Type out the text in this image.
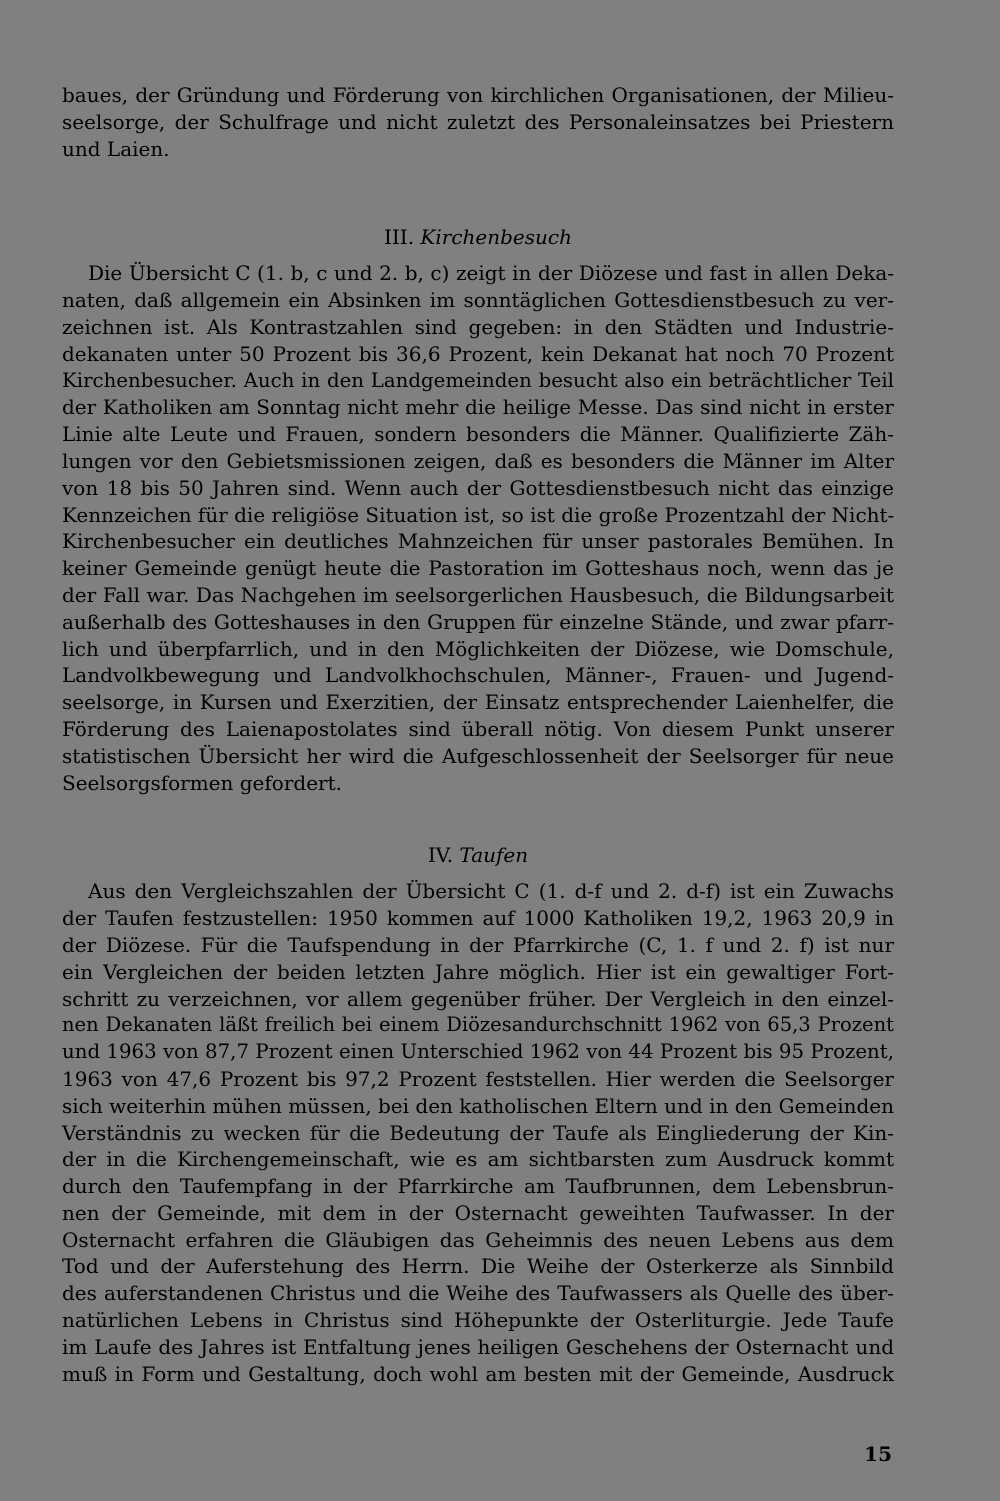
baues, der Gründung und Förderung von kirchlichen Organisationen, der Milieu-
seelsorge, der Schulfrage und nicht zuletzt des Personaleinsatzes bei Priestern
und Laien.

III. Kirchenbesuch

Die Übersicht C (1. b, c und 2. b, c) zeigt in der Diözese und fast in allen Deka-
naten, daß allgemein ein Absinken im sonntäglichen Gottesdienstbesuch zu ver-
zeichnen ist. Als Kontrastzahlen sind gegeben: in den Städten und Industrie-
dekanaten unter 50 Prozent bis 36,6 Prozent, kein Dekanat hat noch 70 Prozent
Kirchenbesucher. Auch in den Landgemeinden besucht also ein beträchtlicher Teil
der Katholiken am Sonntag nicht mehr die heilige Messe. Das sind nicht in erster
Linie alte Leute und Frauen, sondern besonders die Männer. Qualifizierte Zäh-
lungen vor den Gebietsmissionen zeigen, daß es besonders die Männer im Alter
von 18 bis 50 Jahren sind. Wenn auch der Gottesdienstbesuch nicht das einzige
Kennzeichen für die religiöse Situation ist, so ist die große Prozentzahl der Nicht-
Kirchenbesucher ein deutliches Mahnzeichen für unser pastorales Bemühen. In
keiner Gemeinde genügt heute die Pastoration im Gotteshaus noch, wenn das je
der Fall war. Das Nachgehen im seelsorgerlichen Hausbesuch, die Bildungsarbeit
außerhalb des Gotteshauses in den Gruppen für einzelne Stände, und zwar pfarr-
lich und überpfarrlich, und in den Möglichkeiten der Diözese, wie Domschule,
Landvolkbewegung und Landvolkhochschulen, Männer-, Frauen- und Jugend-
seelsorge, in Kursen und Exerzitien, der Einsatz entsprechender Laienhelfer, die
Förderung des Laienapostolates sind überall nötig. Von diesem Punkt unserer
statistischen Übersicht her wird die Aufgeschlossenheit der Seelsorger für neue
Seelsorgsformen gefordert.

IV. Taufen

Aus den Vergleichszahlen der Übersicht C (1. d-f und 2. d-f) ist ein Zuwachs
der Taufen festzustellen: 1950 kommen auf 1000 Katholiken 19,2, 1963 20,9 in
der Diözese. Für die Taufspendung in der Pfarrkirche (C, 1. f und 2. f) ist nur
ein Vergleichen der beiden letzten Jahre möglich. Hier ist ein gewaltiger Fort-
schritt zu verzeichnen, vor allem gegenüber früher. Der Vergleich in den einzel-
nen Dekanaten läßt freilich bei einem Diözesandurchschnitt 1962 von 65,3 Prozent
und 1963 von 87,7 Prozent einen Unterschied 1962 von 44 Prozent bis 95 Prozent,
1963 von 47,6 Prozent bis 97,2 Prozent feststellen. Hier werden die Seelsorger
sich weiterhin mühen müssen, bei den katholischen Eltern und in den Gemeinden
Verständnis zu wecken für die Bedeutung der Taufe als Eingliederung der Kin-
der in die Kirchengemeinschaft, wie es am sichtbarsten zum Ausdruck kommt
durch den Taufempfang in der Pfarrkirche am Taufbrunnen, dem Lebensbrun-
nen der Gemeinde, mit dem in der Osternacht geweihten Taufwasser. In der
Osternacht erfahren die Gläubigen das Geheimnis des neuen Lebens aus dem
Tod und der Auferstehung des Herrn. Die Weihe der Osterkerze als Sinnbild
des auferstandenen Christus und die Weihe des Taufwassers als Quelle des über-
natürlichen Lebens in Christus sind Höhepunkte der Osterliturgie. Jede Taufe
im Laufe des Jahres ist Entfaltung jenes heiligen Geschehens der Osternacht und
muß in Form und Gestaltung, doch wohl am besten mit der Gemeinde, Ausdruck

15
